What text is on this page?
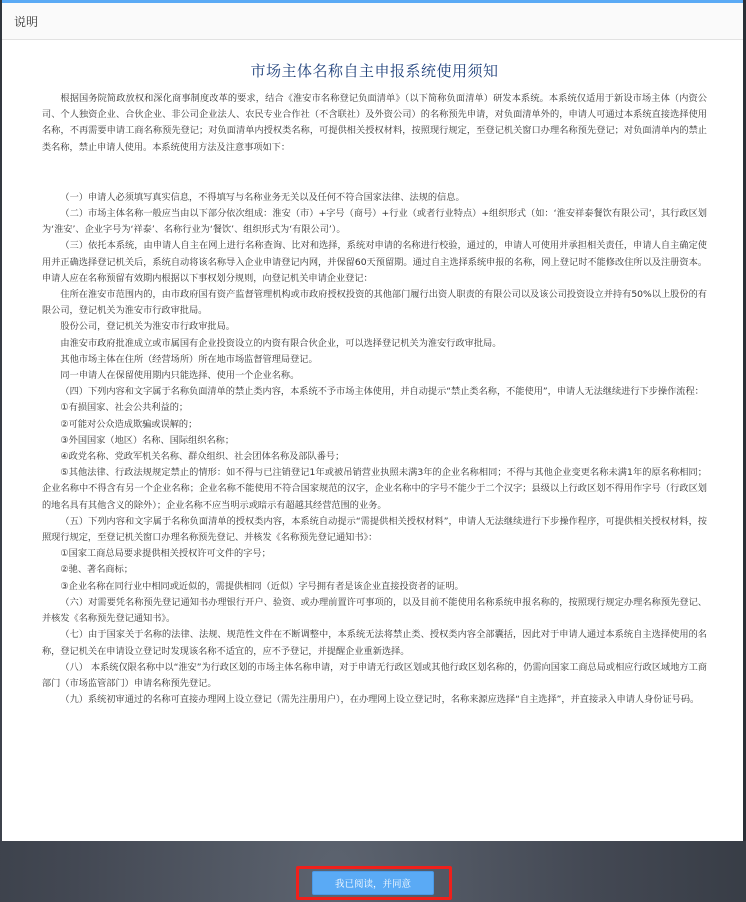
说明
市场主体名称自主申报系统使用须知

根据国务院简政放权和深化商事制度改革的要求，结合《淮安市名称登记负面清单》（以下简称负面清单）研发本系统。本系统仅适用于新设市场主体（内资公司、个人独资企业、合伙企业、非公司企业法人、农民专业合作社（不含联社）及外资公司）的名称预先申请，对负面清单外的，申请人可通过本系统直接选择使用名称，不再需要申请工商名称预先登记；对负面清单内授权类名称，可提供相关授权材料，按照现行规定，至登记机关窗口办理名称预先登记；对负面清单内的禁止类名称，禁止申请人使用。本系统使用方法及注意事项如下：

（一）申请人必须填写真实信息，不得填写与名称业务无关以及任何不符合国家法律、法规的信息。

（二）市场主体名称一般应当由以下部分依次组成：淮安（市）+字号（商号）+行业（或者行业特点）+组织形式（如：‘淮安祥泰餐饮有限公司’，其行政区划为‘淮安’、企业字号为‘祥泰’、名称行业为‘餐饮’、组织形式为‘有限公司’）。

（三）依托本系统，由申请人自主在网上进行名称查询、比对和选择，系统对申请的名称进行校验，通过的，申请人可使用并承担相关责任，申请人自主确定使用并正确选择登记机关后，系统自动将该名称导入企业申请登记内网，并保留60天预留期。通过自主选择系统申报的名称，网上登记时不能修改住所以及注册资本。申请人应在名称预留有效期内根据以下事权划分规则，向登记机关申请企业登记：

住所在淮安市范围内的，由市政府国有资产监督管理机构或市政府授权投资的其他部门履行出资人职责的有限公司以及该公司投资设立并持有50%以上股份的有限公司，登记机关为淮安市行政审批局。

股份公司，登记机关为淮安市行政审批局。

由淮安市政府批准成立或市属国有企业投资设立的内资有限合伙企业，可以选择登记机关为淮安行政审批局。

其他市场主体在住所（经营场所）所在地市场监督管理局登记。

同一申请人在保留使用期内只能选择、使用一个企业名称。

（四）下列内容和文字属于名称负面清单的禁止类内容，本系统不予市场主体使用，并自动提示“禁止类名称，不能使用”，申请人无法继续进行下步操作流程：

①有损国家、社会公共利益的；

②可能对公众造成欺骗或误解的；

③外国国家（地区）名称、国际组织名称；

④政党名称、党政军机关名称、群众组织、社会团体名称及部队番号；

⑤其他法律、行政法规规定禁止的情形：如不得与已注销登记1年或被吊销营业执照未满3年的企业名称相同；不得与其他企业变更名称未满1年的原名称相同； 企业名称中不得含有另一个企业名称；企业名称不能使用不符合国家规范的汉字，企业名称中的字号不能少于二个汉字；县级以上行政区划不得用作字号（行政区划的地名具有其他含义的除外）；企业名称不应当明示或暗示有超越其经营范围的业务。

（五）下列内容和文字属于名称负面清单的授权类内容，本系统自动提示“需提供相关授权材料”，申请人无法继续进行下步操作程序，可提供相关授权材料，按照现行规定，至登记机关窗口办理名称预先登记、并核发《名称预先登记通知书》：

①国家工商总局要求提供相关授权许可文件的字号；

②驰、著名商标；

③企业名称在同行业中相同或近似的，需提供相同（近似）字号拥有者是该企业直接投资者的证明。

（六）对需要凭名称预先登记通知书办理银行开户、验资、或办理前置许可事项的，以及目前不能使用名称系统申报名称的，按照现行规定办理名称预先登记、并核发《名称预先登记通知书》。

（七）由于国家关于名称的法律、法规、规范性文件在不断调整中，本系统无法将禁止类、授权类内容全部囊括，因此对于申请人通过本系统自主选择使用的名称，登记机关在申请设立登记时发现该名称不适宜的，应不予登记，并提醒企业重新选择。

（八） 本系统仅限名称中以“淮安”为行政区划的市场主体名称申请，对于申请无行政区划或其他行政区划名称的，仍需向国家工商总局或相应行政区域地方工商部门（市场监管部门）申请名称预先登记。

（九）系统初审通过的名称可直接办理网上设立登记（需先注册用户），在办理网上设立登记时，名称来源应选择“自主选择”，并直接录入申请人身份证号码。

我已阅读，并同意
